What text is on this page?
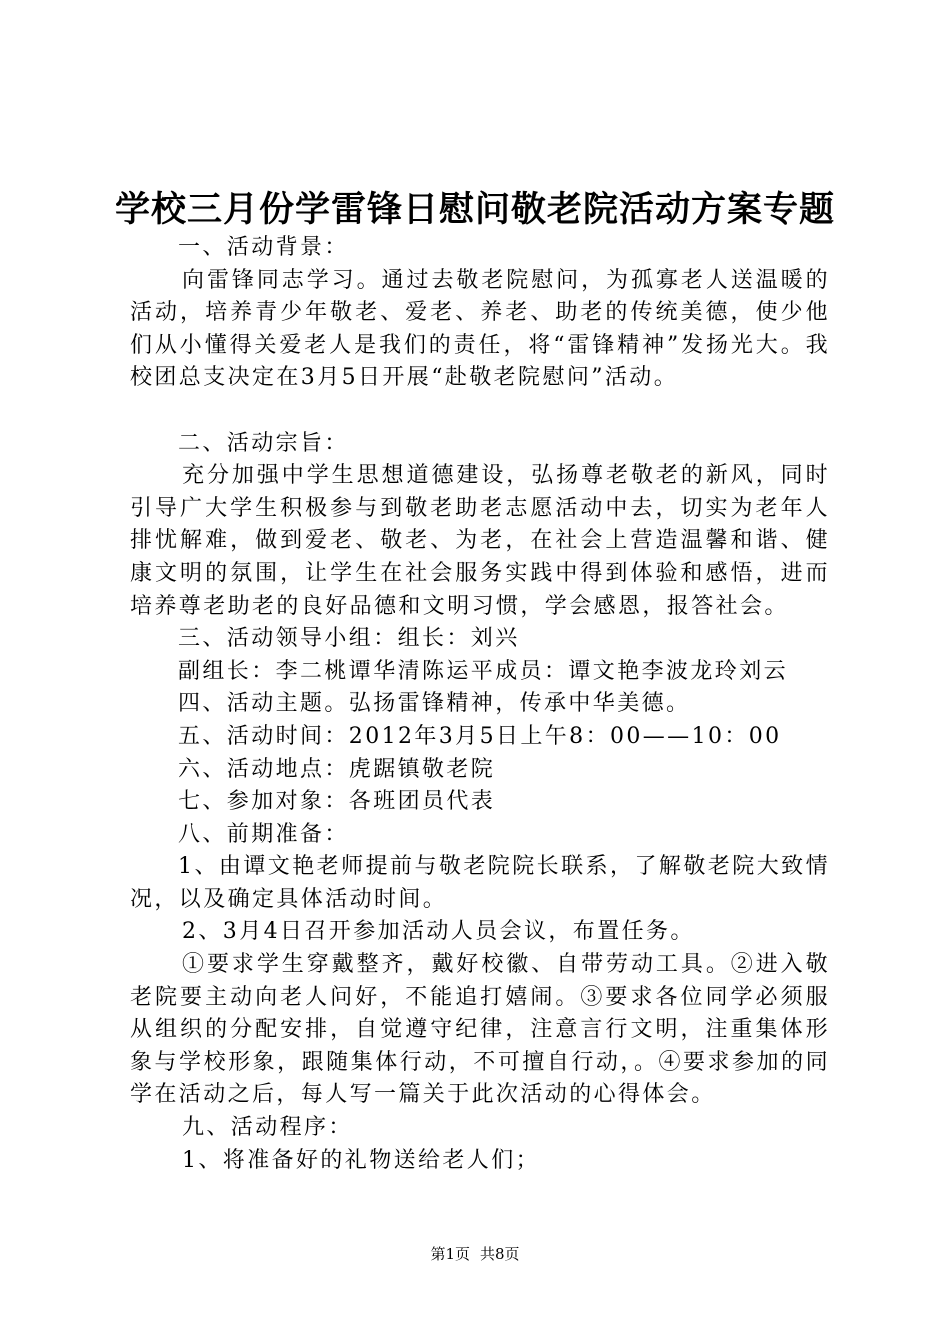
学校三月份学雷锋日慰问敬老院活动方案专题

一、活动背景：

向雷锋同志学习。通过去敬老院慰问，为孤寡老人送温暖的活动，培养青少年敬老、爱老、养老、助老的传统美德，使少他们从小懂得关爱老人是我们的责任，将“雷锋精神”发扬光大。我校团总支决定在3月5日开展“赴敬老院慰问”活动。

二、活动宗旨：

充分加强中学生思想道德建设，弘扬尊老敬老的新风，同时引导广大学生积极参与到敬老助老志愿活动中去，切实为老年人排忧解难，做到爱老、敬老、为老，在社会上营造温馨和谐、健康文明的氛围，让学生在社会服务实践中得到体验和感悟，进而培养尊老助老的良好品德和文明习惯，学会感恩，报答社会。

三、活动领导小组：组长：刘兴

副组长：李二桃谭华清陈运平成员：谭文艳李波龙玲刘云

四、活动主题。弘扬雷锋精神，传承中华美德。

五、活动时间：2012年3月5日上午8：00——10：00

六、活动地点：虎踞镇敬老院

七、参加对象：各班团员代表

八、前期准备：

1、由谭文艳老师提前与敬老院院长联系，了解敬老院大致情况，以及确定具体活动时间。

2、3月4日召开参加活动人员会议，布置任务。

①要求学生穿戴整齐，戴好校徽、自带劳动工具。②进入敬老院要主动向老人问好，不能追打嬉闹。③要求各位同学必须服从组织的分配安排，自觉遵守纪律，注意言行文明，注重集体形象与学校形象，跟随集体行动，不可擅自行动，。④要求参加的同学在活动之后，每人写一篇关于此次活动的心得体会。

九、活动程序：

1、将准备好的礼物送给老人们；

第1页 共8页
